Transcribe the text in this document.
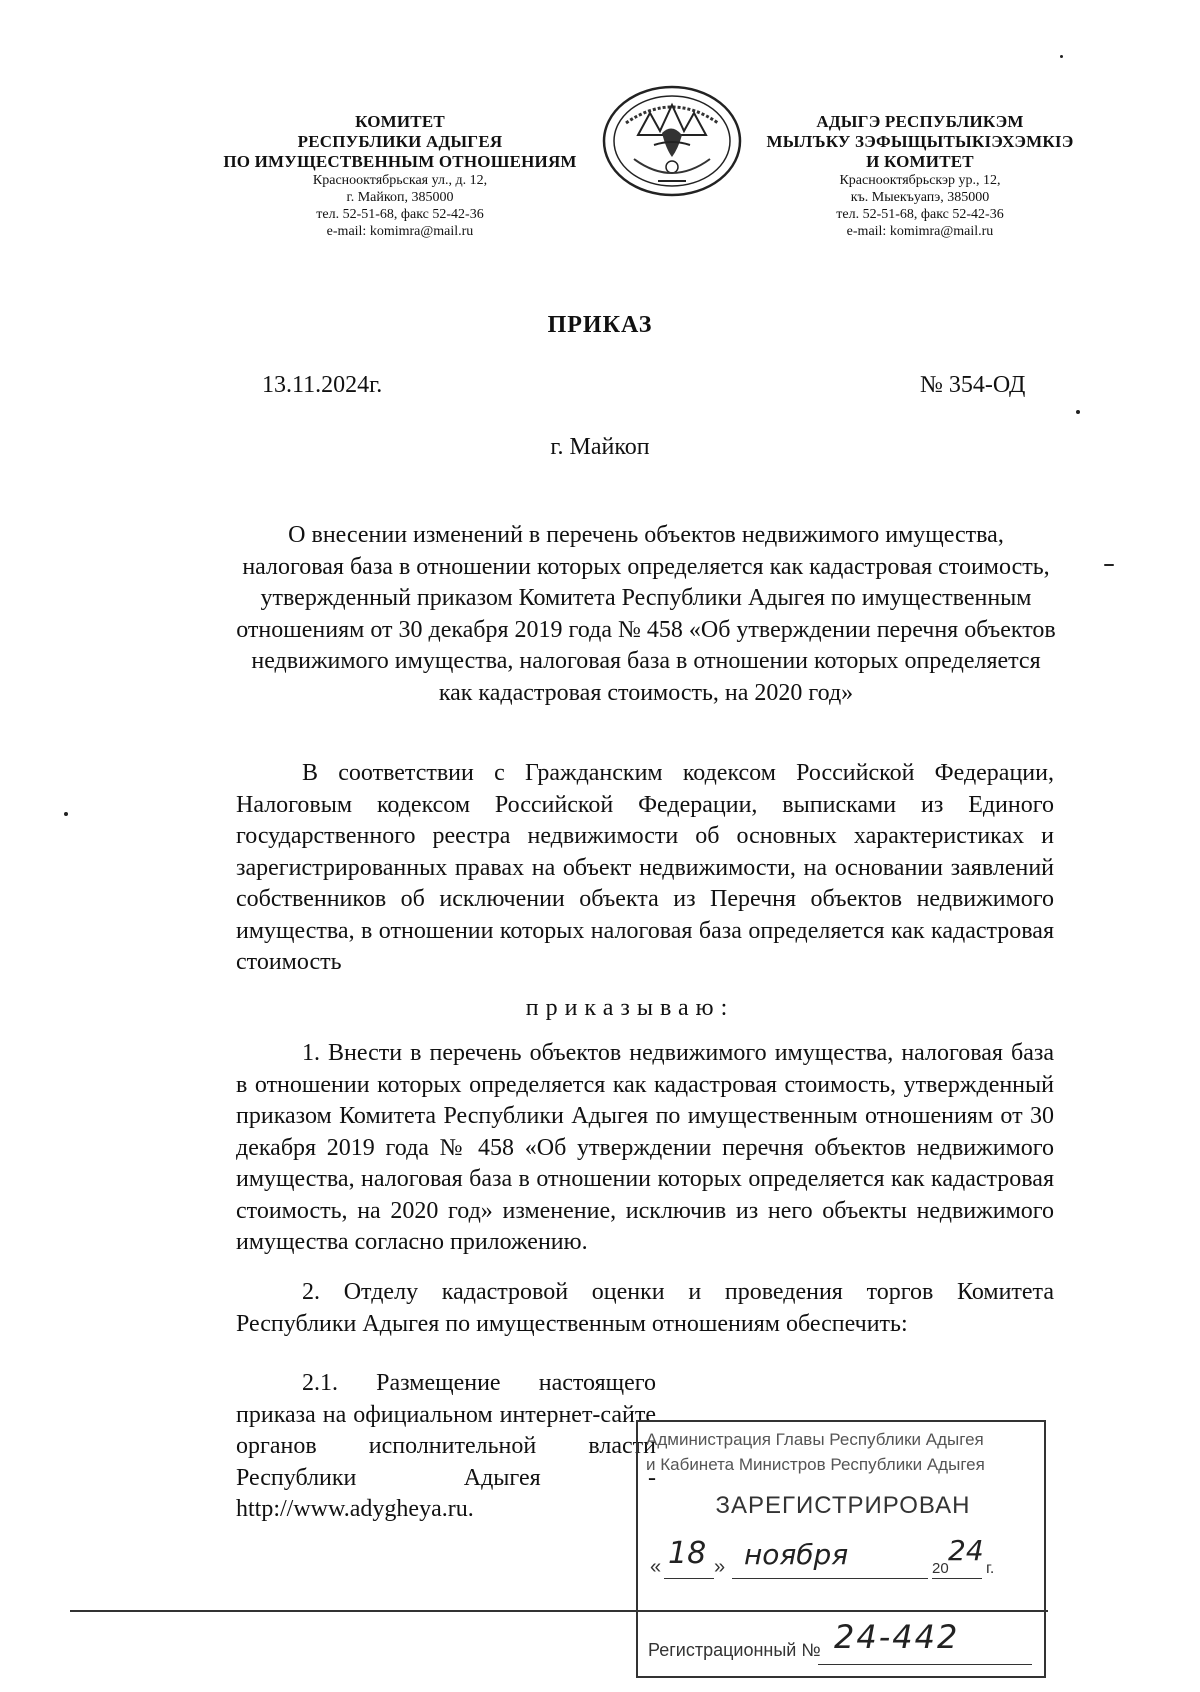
КОМИТЕТ
РЕСПУБЛИКИ АДЫГЕЯ
ПО ИМУЩЕСТВЕННЫМ ОТНОШЕНИЯМ
Краснооктябрьская ул., д. 12,
г. Майкоп, 385000
тел. 52-51-68, факс 52-42-36
e-mail: komimra@mail.ru
АДЫГЭ РЕСПУБЛИКЭМ
МЫЛЪКУ ЗЭФЫЩЫТЫКIЭХЭМКIЭ
И КОМИТЕТ
Краснооктябрьскэр ур., 12,
къ. Мыекъуапэ, 385000
тел. 52-51-68, факс 52-42-36
e-mail: komimra@mail.ru
ПРИКАЗ
13.11.2024г.	№ 354-ОД
г. Майкоп
О внесении изменений в перечень объектов недвижимого имущества, налоговая база в отношении которых определяется как кадастровая стоимость, утвержденный приказом Комитета Республики Адыгея по имущественным отношениям от 30 декабря 2019 года № 458 «Об утверждении перечня объектов недвижимого имущества, налоговая база в отношении которых определяется как кадастровая стоимость, на 2020 год»
В соответствии с Гражданским кодексом Российской Федерации, Налоговым кодексом Российской Федерации, выписками из Единого государственного реестра недвижимости об основных характеристиках и зарегистрированных правах на объект недвижимости, на основании заявлений собственников об исключении объекта из Перечня объектов недвижимого имущества, в отношении которых налоговая база определяется как кадастровая стоимость
приказываю:
1. Внести в перечень объектов недвижимого имущества, налоговая база в отношении которых определяется как кадастровая стоимость, утвержденный приказом Комитета Республики Адыгея по имущественным отношениям от 30 декабря 2019 года № 458 «Об утверждении перечня объектов недвижимого имущества, налоговая база в отношении которых определяется как кадастровая стоимость, на 2020 год» изменение, исключив из него объекты недвижимого имущества согласно приложению.
2. Отделу кадастровой оценки и проведения торгов Комитета Республики Адыгея по имущественным отношениям обеспечить:
2.1. Размещение настоящего приказа на официальном интернет-сайте органов исполнительной власти Республики Адыгея - http://www.adygheya.ru.
Администрация Главы Республики Адыгея
и Кабинета Министров Республики Адыгея
ЗАРЕГИСТРИРОВАН
« 18 » ноября	20
24
г.
Регистрационный № 24-442
